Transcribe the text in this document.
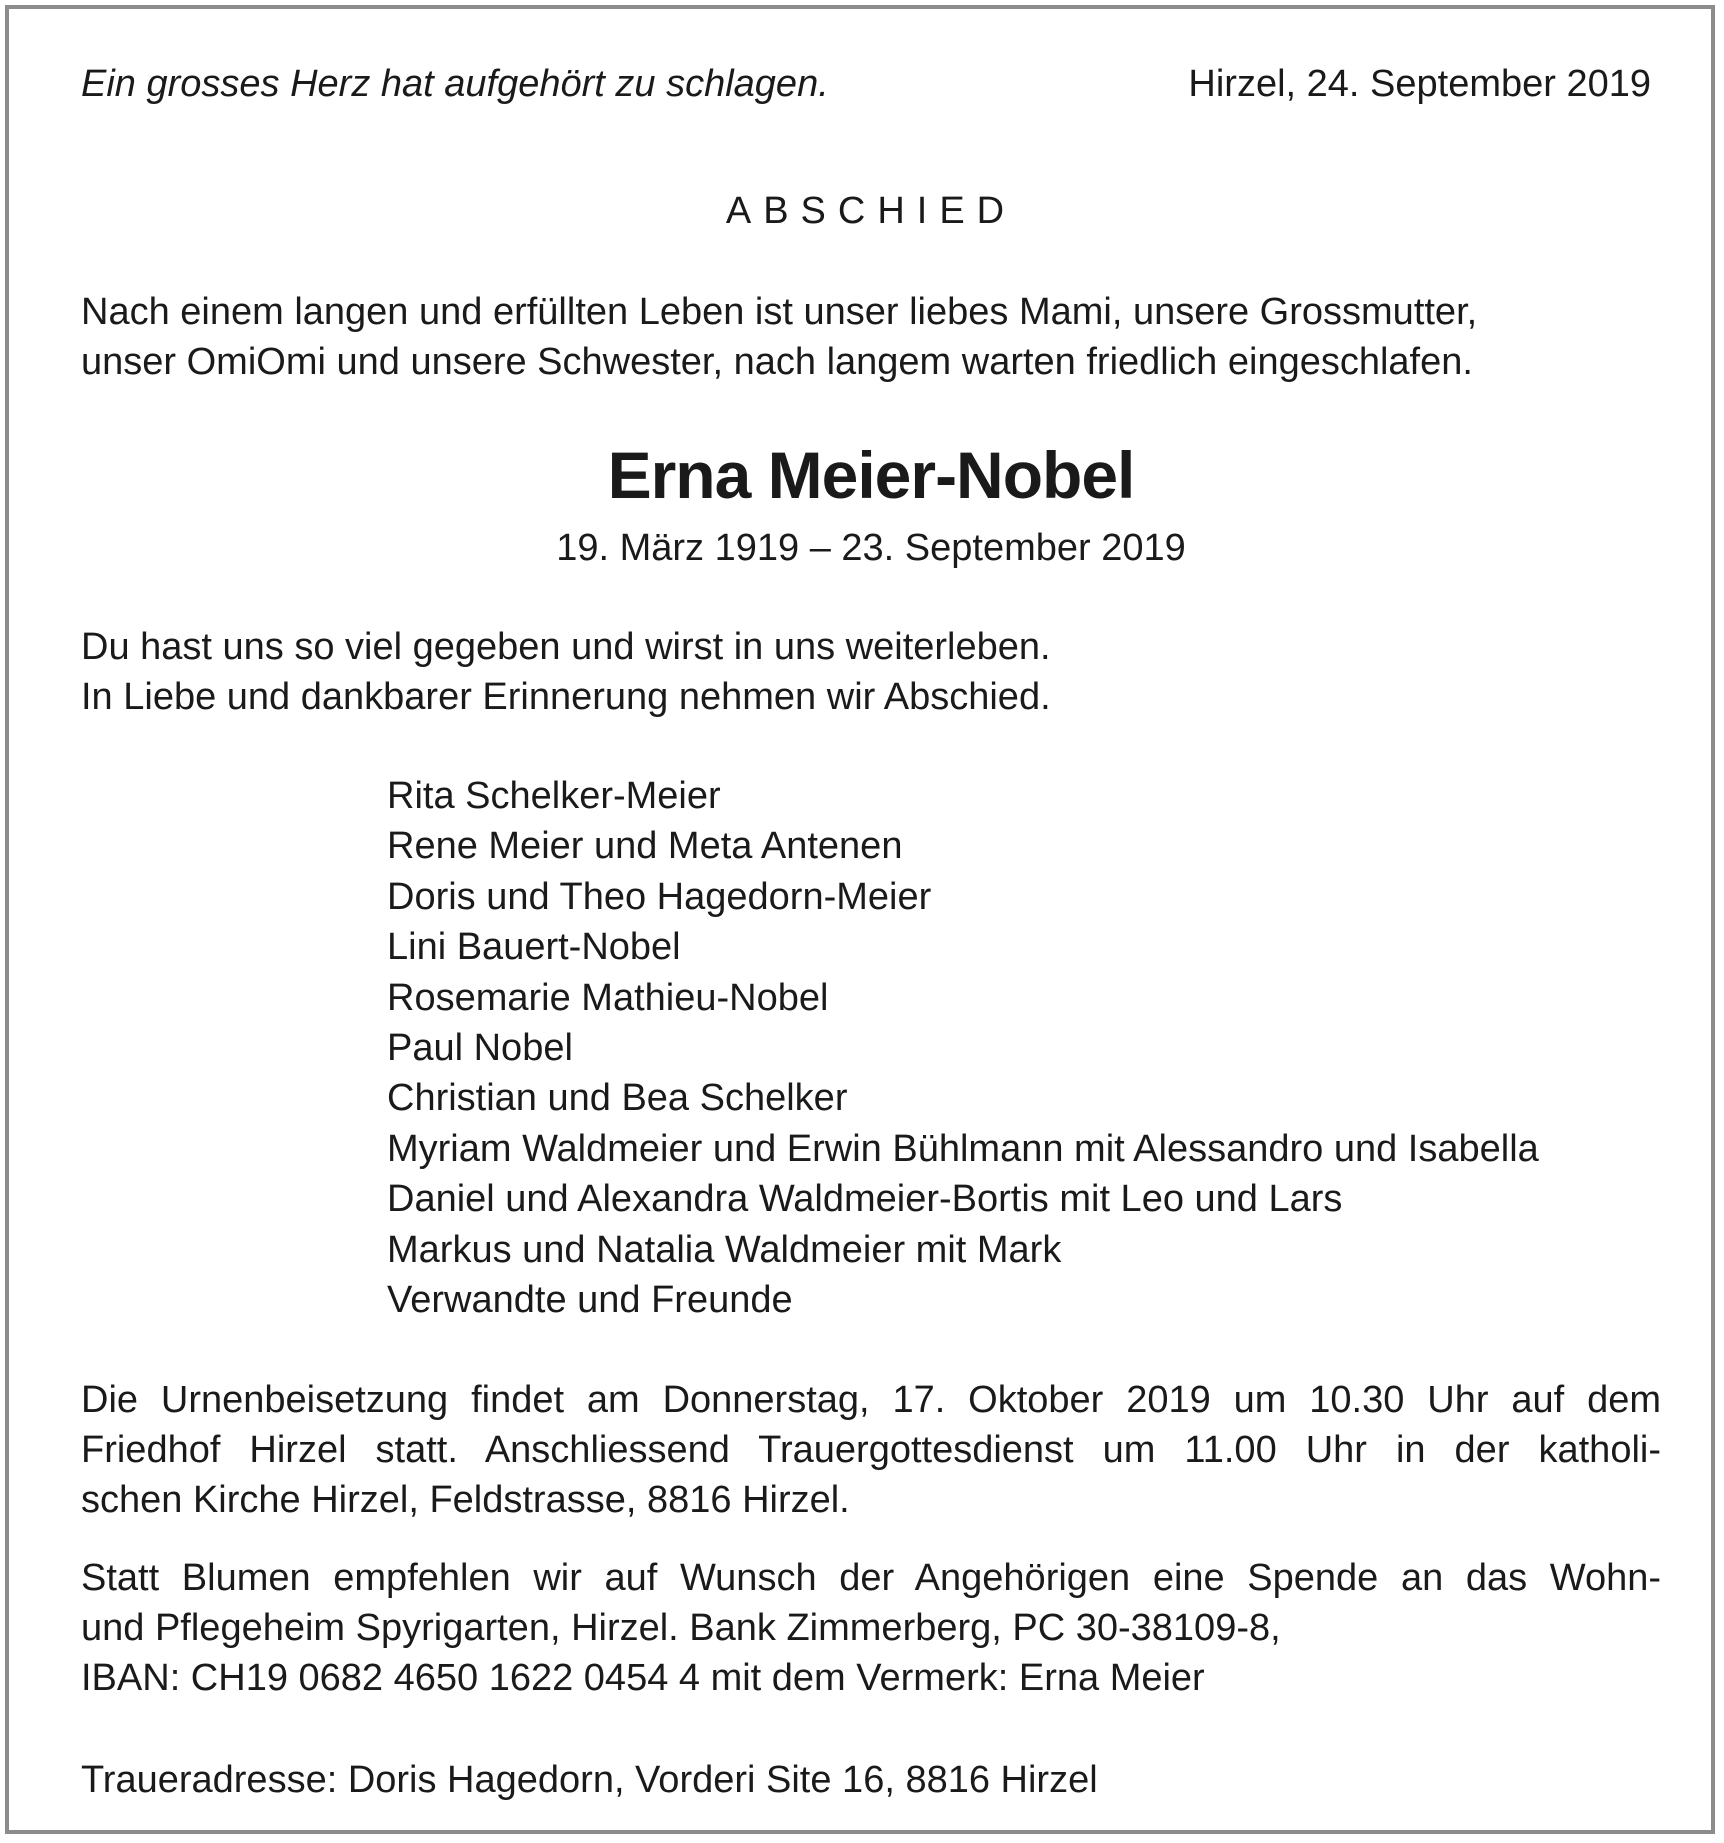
Ein grosses Herz hat aufgehört zu schlagen.	Hirzel, 24. September 2019
ABSCHIED

Nach einem langen und erfüllten Leben ist unser liebes Mami, unsere Grossmutter,

unser OmiOmi und unsere Schwester, nach langem warten friedlich eingeschlafen.

Erna Meier-Nobel
19. März 1919 – 23. September 2019
Du hast uns so viel gegeben und wirst in uns weiterleben.
In Liebe und dankbarer Erinnerung nehmen wir Abschied.
Rita Schelker-Meier
Rene Meier und Meta Antenen
Doris und Theo Hagedorn-Meier
Lini Bauert-Nobel
Rosemarie Mathieu-Nobel
Paul Nobel
Christian und Bea Schelker
Myriam Waldmeier und Erwin Bühlmann mit Alessandro und Isabella
Daniel und Alexandra Waldmeier-Bortis mit Leo und Lars
Markus und Natalia Waldmeier mit Mark
Verwandte und Freunde
Die Urnenbeisetzung findet am Donnerstag, 17. Oktober 2019 um 10.30 Uhr auf dem
Friedhof Hirzel statt. Anschliessend Trauergottesdienst um 11.00 Uhr in der katholi-
schen Kirche Hirzel, Feldstrasse, 8816 Hirzel.
Statt Blumen empfehlen wir auf Wunsch der Angehörigen eine Spende an das Wohn-
und Pflegeheim Spyrigarten, Hirzel. Bank Zimmerberg, PC 30-38109-8,
IBAN: CH19 0682 4650 1622 0454 4 mit dem Vermerk: Erna Meier
Traueradresse: Doris Hagedorn, Vorderi Site 16, 8816 Hirzel
